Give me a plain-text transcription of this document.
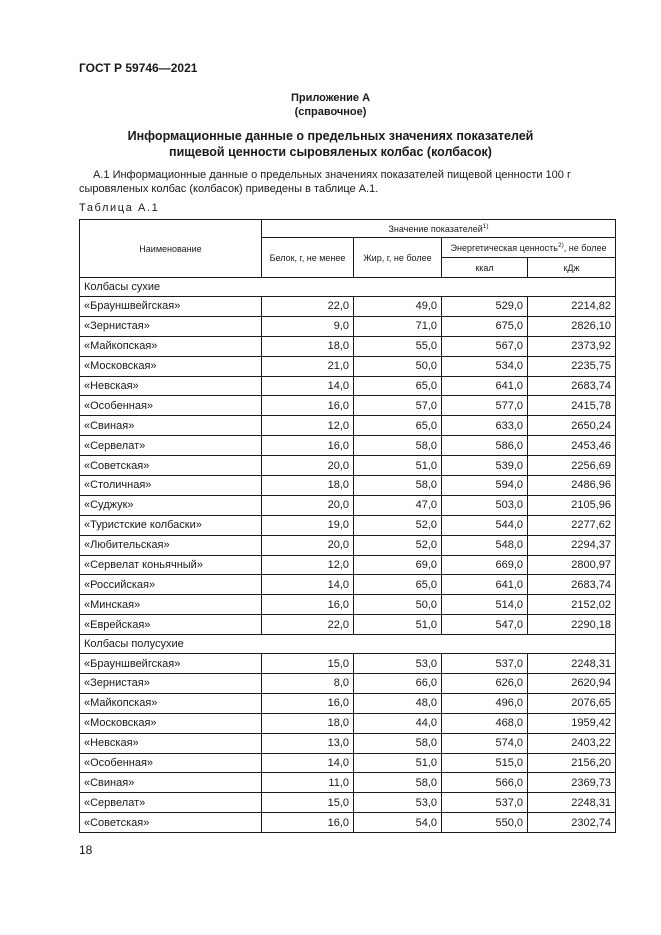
ГОСТ Р 59746—2021
Приложение А
(справочное)
Информационные данные о предельных значениях показателей
пищевой ценности сыровяленых колбас (колбасок)
А.1 Информационные данные о предельных значениях показателей пищевой ценности 100 г сыровяленых колбас (колбасок) приведены в таблице А.1.
Таблица А.1
Наименование	Значение показателей$^{1)}$
	Белок, г, не менее	Жир, г, не более	Энергетическая ценность$^{2)}$, не более	
			ккал	кДж
Колбасы сухие				
«Брауншвейгская»	22,0	49,0	529,0	2214,82
«Зернистая»	9,0	71,0	675,0	2826,10
«Майкопская»	18,0	55,0	567,0	2373,92
«Московская»	21,0	50,0	534,0	2235,75
«Невская»	14,0	65,0	641,0	2683,74
«Особенная»	16,0	57,0	577,0	2415,78
«Свиная»	12,0	65,0	633,0	2650,24
«Сервелат»	16,0	58,0	586,0	2453,46
«Советская»	20,0	51,0	539,0	2256,69
«Столичная»	18,0	58,0	594,0	2486,96
«Суджук»	20,0	47,0	503,0	2105,96
«Туристские колбаски»	19,0	52,0	544,0	2277,62
«Любительская»	20,0	52,0	548,0	2294,37
«Сервелат коньячный»	12,0	69,0	669,0	2800,97
«Российская»	14,0	65,0	641,0	2683,74
«Минская»	16,0	50,0	514,0	2152,02
«Еврейская»	22,0	51,0	547,0	2290,18
Колбасы полусухие				
«Брауншвейгская»	15,0	53,0	537,0	2248,31
«Зернистая»	8,0	66,0	626,0	2620,94
«Майкопская»	16,0	48,0	496,0	2076,65
«Московская»	18,0	44,0	468,0	1959,42
«Невская»	13,0	58,0	574,0	2403,22
«Особенная»	14,0	51,0	515,0	2156,20
«Свиная»	11,0	58,0	566,0	2369,73
«Сервелат»	15,0	53,0	537,0	2248,31
«Советская»	16,0	54,0	550,0	2302,74
18
